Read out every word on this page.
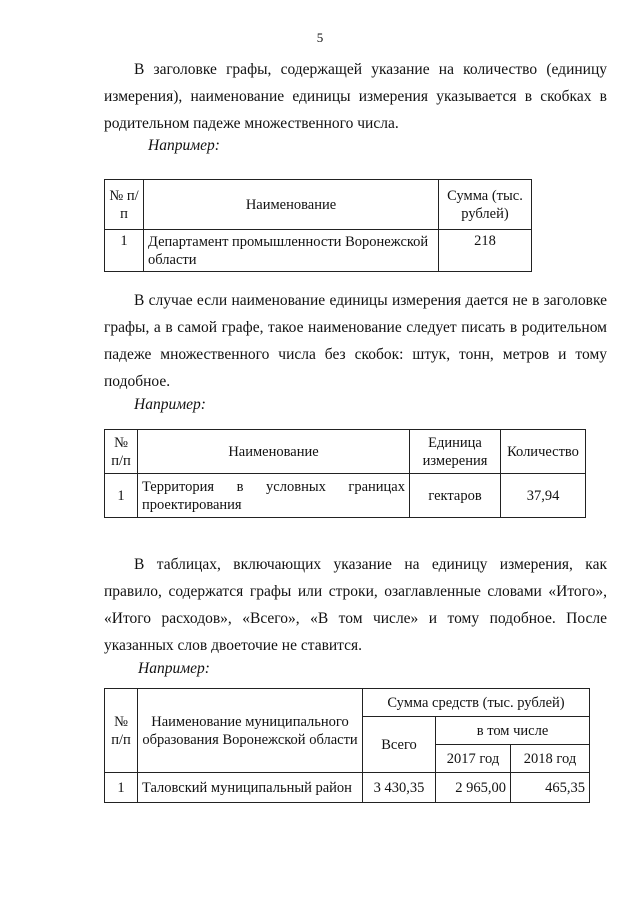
5

В заголовке графы, содержащей указание на количество (единицу измерения), наименование единицы измерения указывается в скобках в родительном падеже множественного числа.

Например:

№ п/п	Наименование	Сумма (тыс. рублей)
1	Департамент промышленности Воронежской области	218

В случае если наименование единицы измерения дается не в заголовке графы, а в самой графе, такое наименование следует писать в родительном падеже множественного числа без скобок: штук, тонн, метров и тому подобное.

Например:

№ п/п	Наименование	Единица измерения	Количество
1	Территория в условных границах проектирования	гектаров	37,94

В таблицах, включающих указание на единицу измерения, как правило, содержатся графы или строки, озаглавленные словами «Итого», «Итого расходов», «Всего», «В том числе» и тому подобное. После указанных слов двоеточие не ставится.

Например:

№ п/п	Наименование муниципального образования Воронежской области	Сумма средств (тыс. рублей)		
		Всего	в том числе	
			2017 год	2018 год
1	Таловский муниципальный район	3 430,35	2 965,00	465,35
